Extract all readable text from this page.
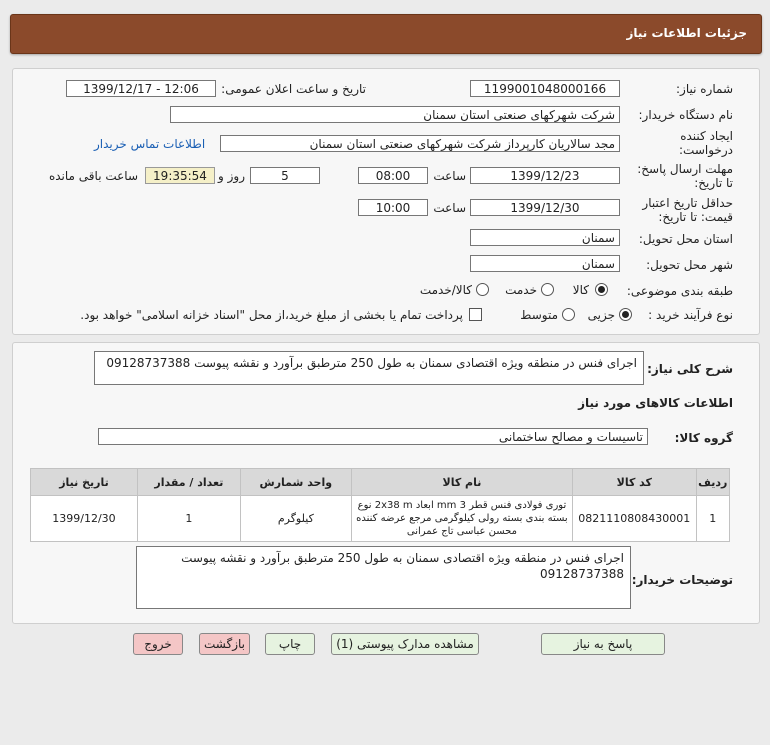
جزئیات اطلاعات نیاز
شماره نیاز:
1199001048000166
تاریخ و ساعت اعلان عمومی:
1399/12/17 - 12:06
نام دستگاه خریدار:
شرکت شهرکهای صنعتی استان سمنان
ایجاد کننده
درخواست:
مجد سالاریان کارپرداز شرکت شهرکهای صنعتی استان سمنان
اطلاعات تماس خریدار
مهلت ارسال پاسخ:
تا تاریخ:
1399/12/23
ساعت
08:00
5
روز و
19:35:54
ساعت باقی مانده
حداقل تاریخ اعتبار
قیمت: تا تاریخ:
1399/12/30
ساعت
10:00
استان محل تحویل:
سمنان
شهر محل تحویل:
سمنان
طبقه بندی موضوعی:
کالا
خدمت
کالا/خدمت
نوع فرآیند خرید :
جزیی
متوسط
پرداخت تمام یا بخشی از مبلغ خرید،از محل "اسناد خزانه اسلامی" خواهد بود.
شرح کلی نیاز:
اجرای فنس در منطقه ویژه اقتصادی سمنان به طول 250 مترطبق برآورد و نقشه پیوست 09128737388
اطلاعات کالاهای مورد نیاز
گروه کالا:
تاسیسات و مصالح ساختمانی
ردیف	کد کالا	نام کالا	واحد شمارش	تعداد / مقدار	تاریخ نیاز
1	0821110808430001	توری فولادی فنس قطر 3 mm ابعاد 2x38 m نوع بسته بندی بسته رولی کیلوگرمی مرجع عرضه کننده محسن عباسی تاج عمرانی	کیلوگرم	1	1399/12/30
توضیحات خریدار:
اجرای فنس در منطقه ویژه اقتصادی سمنان به طول 250 مترطبق برآورد و نقشه پیوست 09128737388
پاسخ به نیاز
مشاهده مدارک پیوستی (1)
چاپ
بازگشت
خروج
